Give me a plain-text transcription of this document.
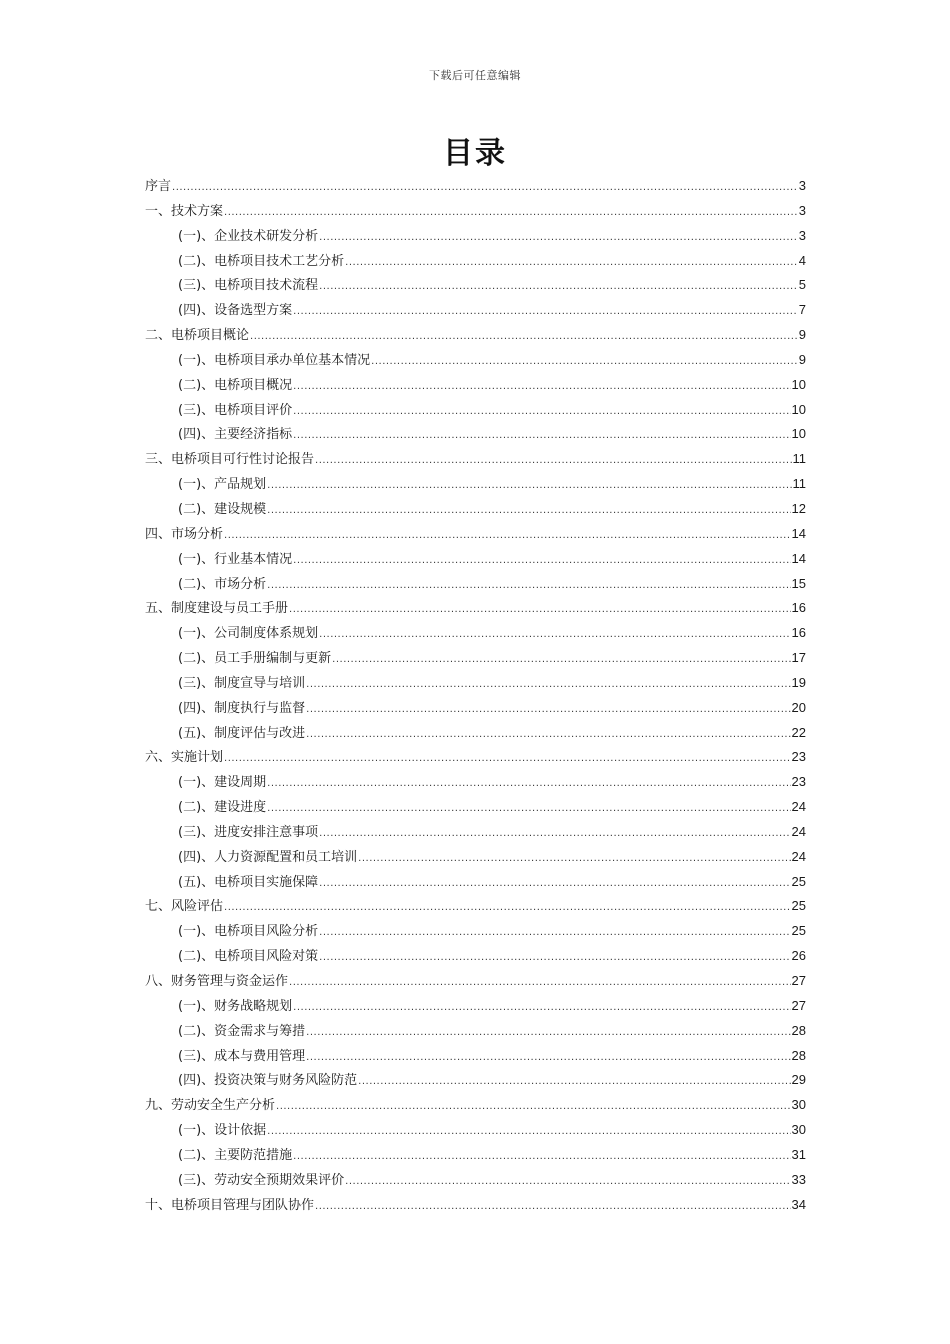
下载后可任意编辑
目录
序言 .....	3
一、技术方案 .....	3
(一)、企业技术研发分析 .....	3
(二)、电桥项目技术工艺分析 .....	4
(三)、电桥项目技术流程 .....	5
(四)、设备选型方案 .....	7
二、电桥项目概论 .....	9
(一)、电桥项目承办单位基本情况 .....	9
(二)、电桥项目概况 .....	10
(三)、电桥项目评价 .....	10
(四)、主要经济指标 .....	10
三、电桥项目可行性讨论报告 .....	11
(一)、产品规划 .....	11
(二)、建设规模 .....	12
四、市场分析 .....	14
(一)、行业基本情况 .....	14
(二)、市场分析 .....	15
五、制度建设与员工手册 .....	16
(一)、公司制度体系规划 .....	16
(二)、员工手册编制与更新 .....	17
(三)、制度宣导与培训 .....	19
(四)、制度执行与监督 .....	20
(五)、制度评估与改进 .....	22
六、实施计划 .....	23
(一)、建设周期 .....	23
(二)、建设进度 .....	24
(三)、进度安排注意事项 .....	24
(四)、人力资源配置和员工培训 .....	24
(五)、电桥项目实施保障 .....	25
七、风险评估 .....	25
(一)、电桥项目风险分析 .....	25
(二)、电桥项目风险对策 .....	26
八、财务管理与资金运作 .....	27
(一)、财务战略规划 .....	27
(二)、资金需求与筹措 .....	28
(三)、成本与费用管理 .....	28
(四)、投资决策与财务风险防范 .....	29
九、劳动安全生产分析 .....	30
(一)、设计依据 .....	30
(二)、主要防范措施 .....	31
(三)、劳动安全预期效果评价 .....	33
十、电桥项目管理与团队协作 .....	34
